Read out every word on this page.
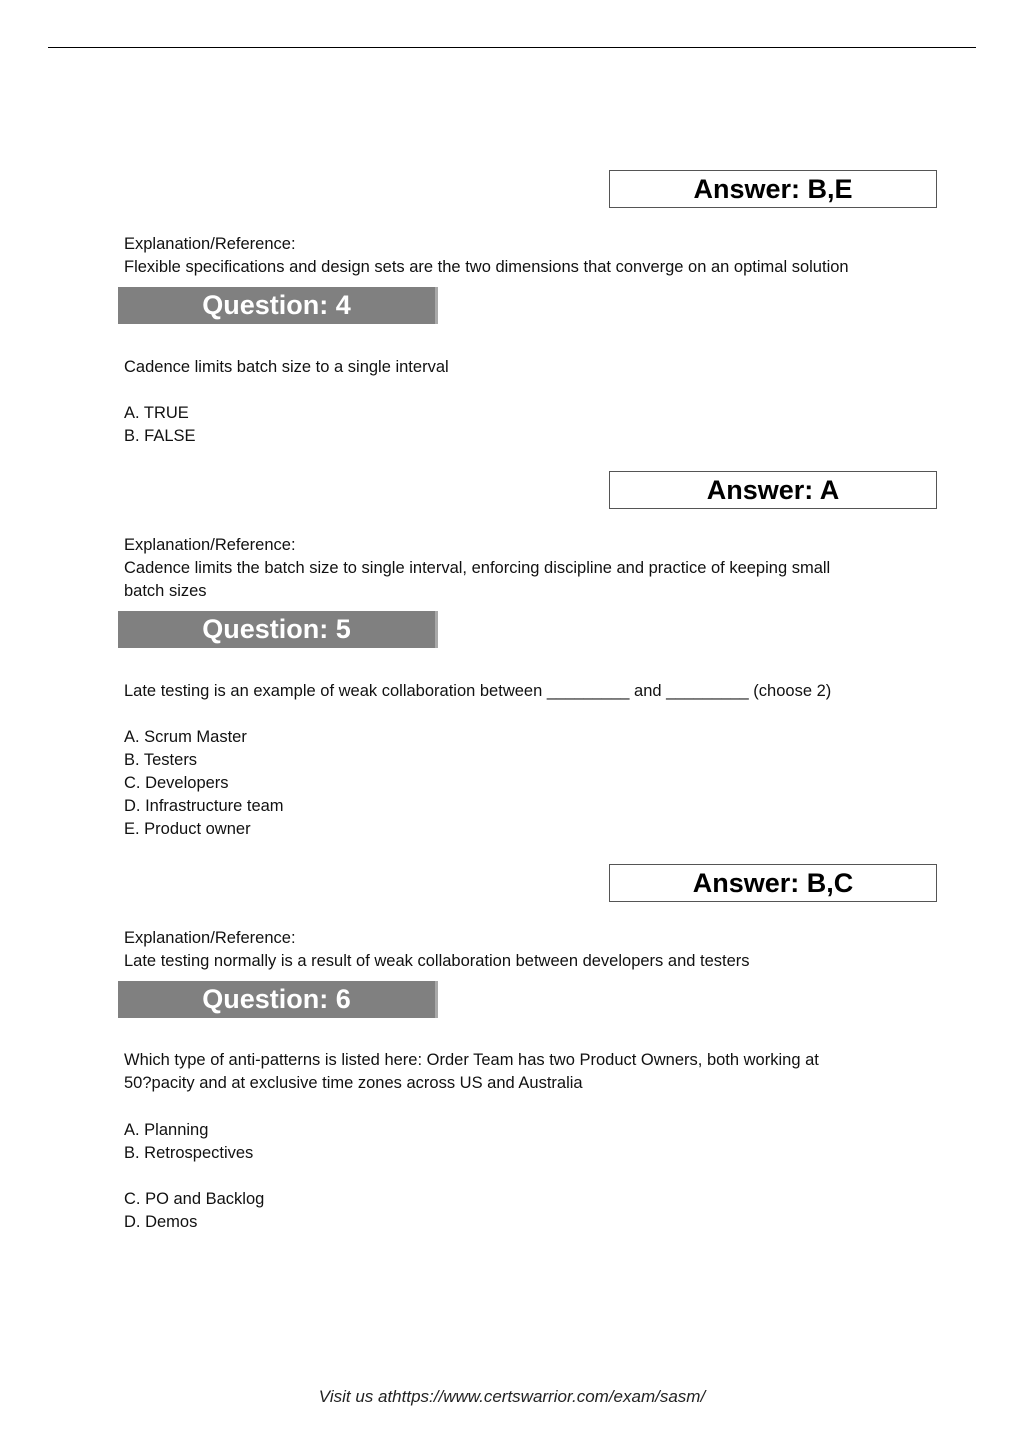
Answer: B,E
Explanation/Reference:
Flexible specifications and design sets are the two dimensions that converge on an optimal solution
Question: 4
Cadence limits batch size to a single interval
A. TRUE
B. FALSE
Answer: A
Explanation/Reference:
Cadence limits the batch size to single interval, enforcing discipline and practice of keeping small
batch sizes
Question: 5
Late testing is an example of weak collaboration between _________ and _________ (choose 2)
A. Scrum Master
B. Testers
C. Developers
D. Infrastructure team
E. Product owner
Answer: B,C
Explanation/Reference:
Late testing normally is a result of weak collaboration between developers and testers
Question: 6
Which type of anti-patterns is listed here: Order Team has two Product Owners, both working at
50?pacity and at exclusive time zones across US and Australia
A. Planning
B. Retrospectives
C. PO and Backlog
D. Demos
Visit us athttps://www.certswarrior.com/exam/sasm/
